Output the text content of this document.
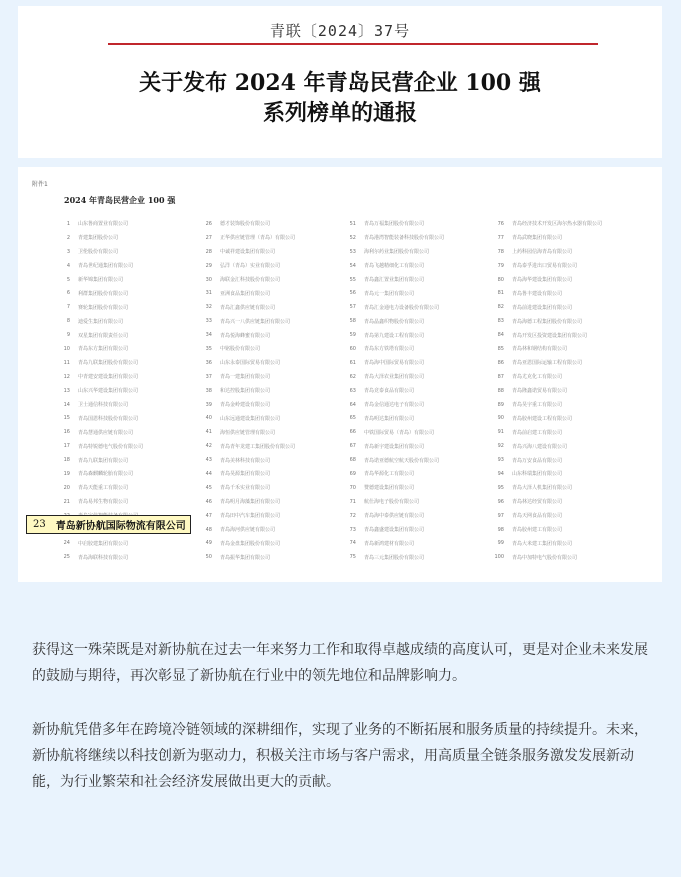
青联〔2024〕37号
关于发布 2024 年青岛民营企业 100 强
系列榜单的通报
附件1
2024 年青岛民营企业 100 强
1 山东鲁商置业有限公司
2 青建集团股份公司
3 卫伦股份有限公司
4 青岛世纪通集团有限公司
5 新华锦集团有限公司
6 利群集团股份有限公司
7 赛轮集团股份有限公司
8 迪爱生集团有限公司
9 双星集团有限责任公司
10 青岛东方集团有限公司
11 青岛九联集团股份有限公司
12 中青建安建设集团有限公司
13 山东兴华建设集团有限公司
14 卫士通信科技有限公司
15 青岛国恩科技股份有限公司
16 青岛慧通供应链有限公司
17 青岛特锐德电气股份有限公司
18 青岛九联集团有限公司
19 青岛森麒麟轮胎有限公司
20 青岛天能重工有限公司
21 青岛易邦生物有限公司
24 中启胶建集团有限公司
25 青岛海联科技有限公司
26 德才装饰股份有限公司
27 正华供应链管理（青岛）有限公司
28 中诚祥建设集团有限公司
29 弘洋（青岛）实业有限公司
30 海联金汇科技股份有限公司
31 亚洲食品集团有限公司
32 青岛汇鑫供应链有限公司
33 青岛兴一八供应链集团有限公司
34 青岛悦海蜂蜜有限公司
35 中铭股份有限公司
36 山东永泰国际贸易有限公司
37 青岛一建集团有限公司
38 和达控股集团有限公司
39 青岛金岭建设有限公司
40 山东远通建设集团有限公司
41 海恒供应链管理有限公司
42 青岛青年龙建工集团股份有限公司
43 青岛美林科技有限公司
44 青岛昊源集团有限公司
45 青岛千禾实业有限公司
46 青岛明月海藻集团有限公司
47 青岛田中汽车集团有限公司
48 青岛海河供应链有限公司
49 青岛金盘集团股份有限公司
50 青岛振华集团有限公司
51 青岛万福集团股份有限公司
52 青岛港湾智能装备科技股份有限公司
53 海利尔药业集团股份有限公司
54 青岛飞越精细化工有限公司
55 青岛鑫汇置业集团有限公司
56 青岛元一集团有限公司
57 青岛汇金通电力设备股份有限公司
58 青岛晶鑫织物股份有限公司
59 青岛第九建设工程有限公司
60 青岛东方铁塔有限公司
61 青岛海中国际贸易有限公司
62 青岛大泽农业集团有限公司
63 青岛竞泰食品有限公司
64 青岛金信通达电子有限公司
65 青岛明达集团有限公司
66 中铁国际贸易（青岛）有限公司
67 青岛新宇建设集团有限公司
68 青岛诺亚德航空航天股份有限公司
69 青岛华源化工有限公司
70 赞德建设集团有限公司
71 航仕海电子股份有限公司
72 青岛海中泰供应链有限公司
73 青岛鑫盛建设集团有限公司
74 青岛新鸿建材有限公司
75 青岛三元集团股份有限公司
76 青岛经济技术开发区海尔热水器有限公司
77 青岛武晓集团有限公司
78 上药科园信海青岛有限公司
79 青岛泰孚进出口贸易有限公司
80 青岛海华建设集团有限公司
81 青岛鲁丰建设有限公司
82 青岛前进建设集团有限公司
83 青岛海德工程集团股份有限公司
84 青岛开发区投资建设集团有限公司
85 青岛林和钢结构有限公司
86 青岛亚恩国际运输工程有限公司
87 青岛尤克化工有限公司
88 青岛隆鑫诺贸易有限公司
89 青岛昊宇重工有限公司
90 青岛胶州建设工程有限公司
91 青岛前启建工有限公司
92 青岛兴海八建设有限公司
93 青岛万安食品有限公司
94 山东科瑞集团有限公司
95 青岛大泽人机集团有限公司
96 青岛林达经贸有限公司
97 青岛天网食品有限公司
98 青岛胶州建工有限公司
99 青岛大米建工集团有限公司
100 青岛中加特电气股份有限公司
23 青岛新协航国际物流有限公司
获得这一殊荣既是对新协航在过去一年来努力工作和取得卓越成绩的高度认可，更是对企业未来发展的鼓励与期待，再次彰显了新协航在行业中的领先地位和品牌影响力。
新协航凭借多年在跨境冷链领域的深耕细作，实现了业务的不断拓展和服务质量的持续提升。未来，新协航将继续以科技创新为驱动力，积极关注市场与客户需求，用高质量全链条服务激发发展新动能，为行业繁荣和社会经济发展做出更大的贡献。
